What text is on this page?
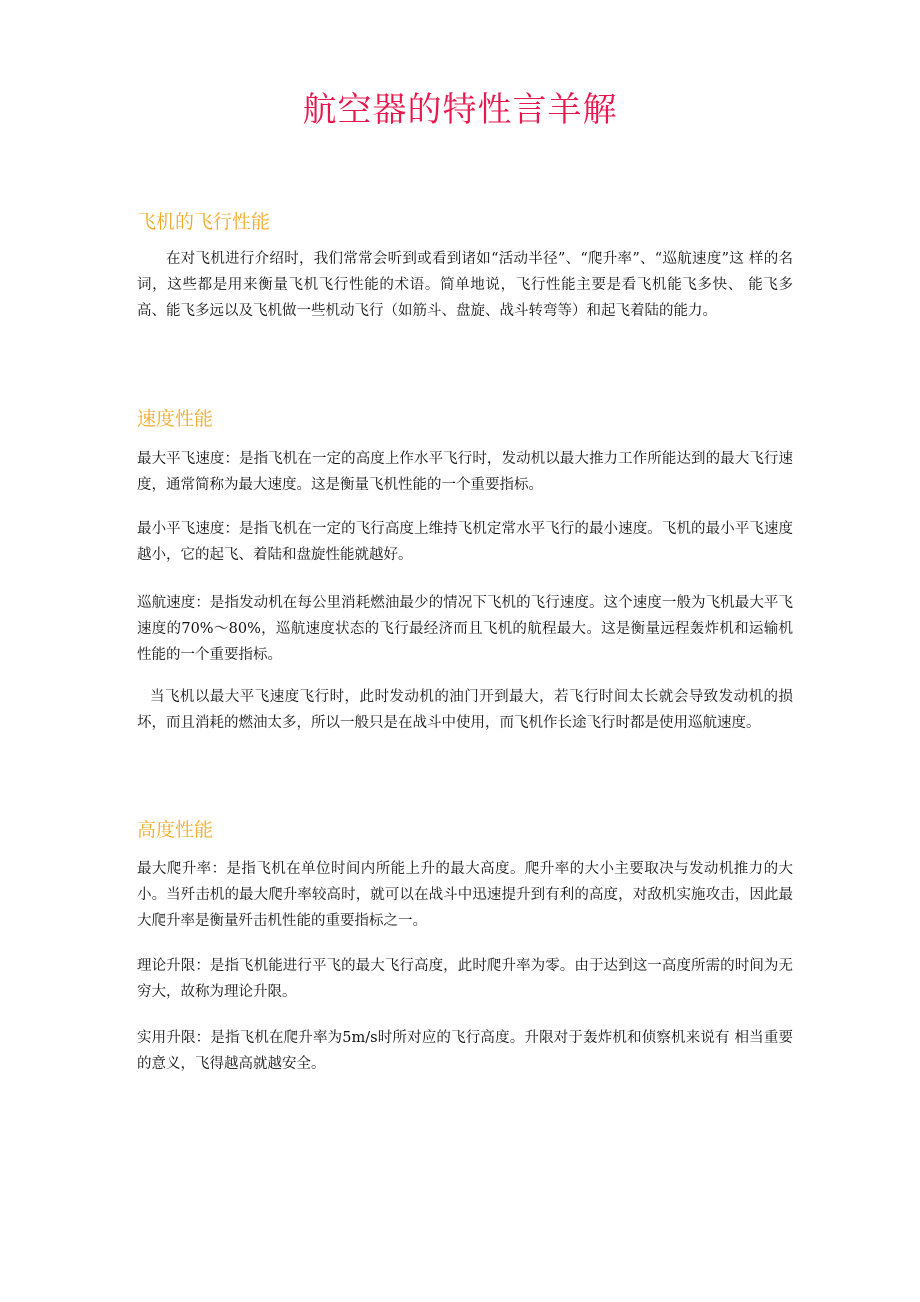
航空器的特性言羊解
飞机的飞行性能

在对飞机进行介绍时，我们常常会听到或看到诸如“活动半径”、“爬升率”、“巡航速度”这 样的名词，这些都是用来衡量飞机飞行性能的术语。简单地说，飞行性能主要是看飞机能飞多快、 能飞多高、能飞多远以及飞机做一些机动飞行（如筋斗、盘旋、战斗转弯等）和起飞着陆的能力。

速度性能

最大平飞速度：是指飞机在一定的高度上作水平飞行时，发动机以最大推力工作所能达到的最大飞行速度，通常简称为最大速度。这是衡量飞机性能的一个重要指标。

最小平飞速度：是指飞机在一定的飞行高度上维持飞机定常水平飞行的最小速度。飞机的最小平飞速度越小，它的起飞、着陆和盘旋性能就越好。

巡航速度：是指发动机在每公里消耗燃油最少的情况下飞机的飞行速度。这个速度一般为飞机最大平飞速度的70%～80%，巡航速度状态的飞行最经济而且飞机的航程最大。这是衡量远程轰炸机和运输机性能的一个重要指标。

当飞机以最大平飞速度飞行时，此时发动机的油门开到最大，若飞行时间太长就会导致发动机的损坏，而且消耗的燃油太多，所以一般只是在战斗中使用，而飞机作长途飞行时都是使用巡航速度。

高度性能

最大爬升率：是指飞机在单位时间内所能上升的最大高度。爬升率的大小主要取决与发动机推力的大小。当歼击机的最大爬升率较高时，就可以在战斗中迅速提升到有利的高度，对敌机实施攻击，因此最大爬升率是衡量歼击机性能的重要指标之一。

理论升限：是指飞机能进行平飞的最大飞行高度，此时爬升率为零。由于达到这一高度所需的时间为无穷大，故称为理论升限。

实用升限：是指飞机在爬升率为5m/s时所对应的飞行高度。升限对于轰炸机和侦察机来说有 相当重要的意义，飞得越高就越安全。
